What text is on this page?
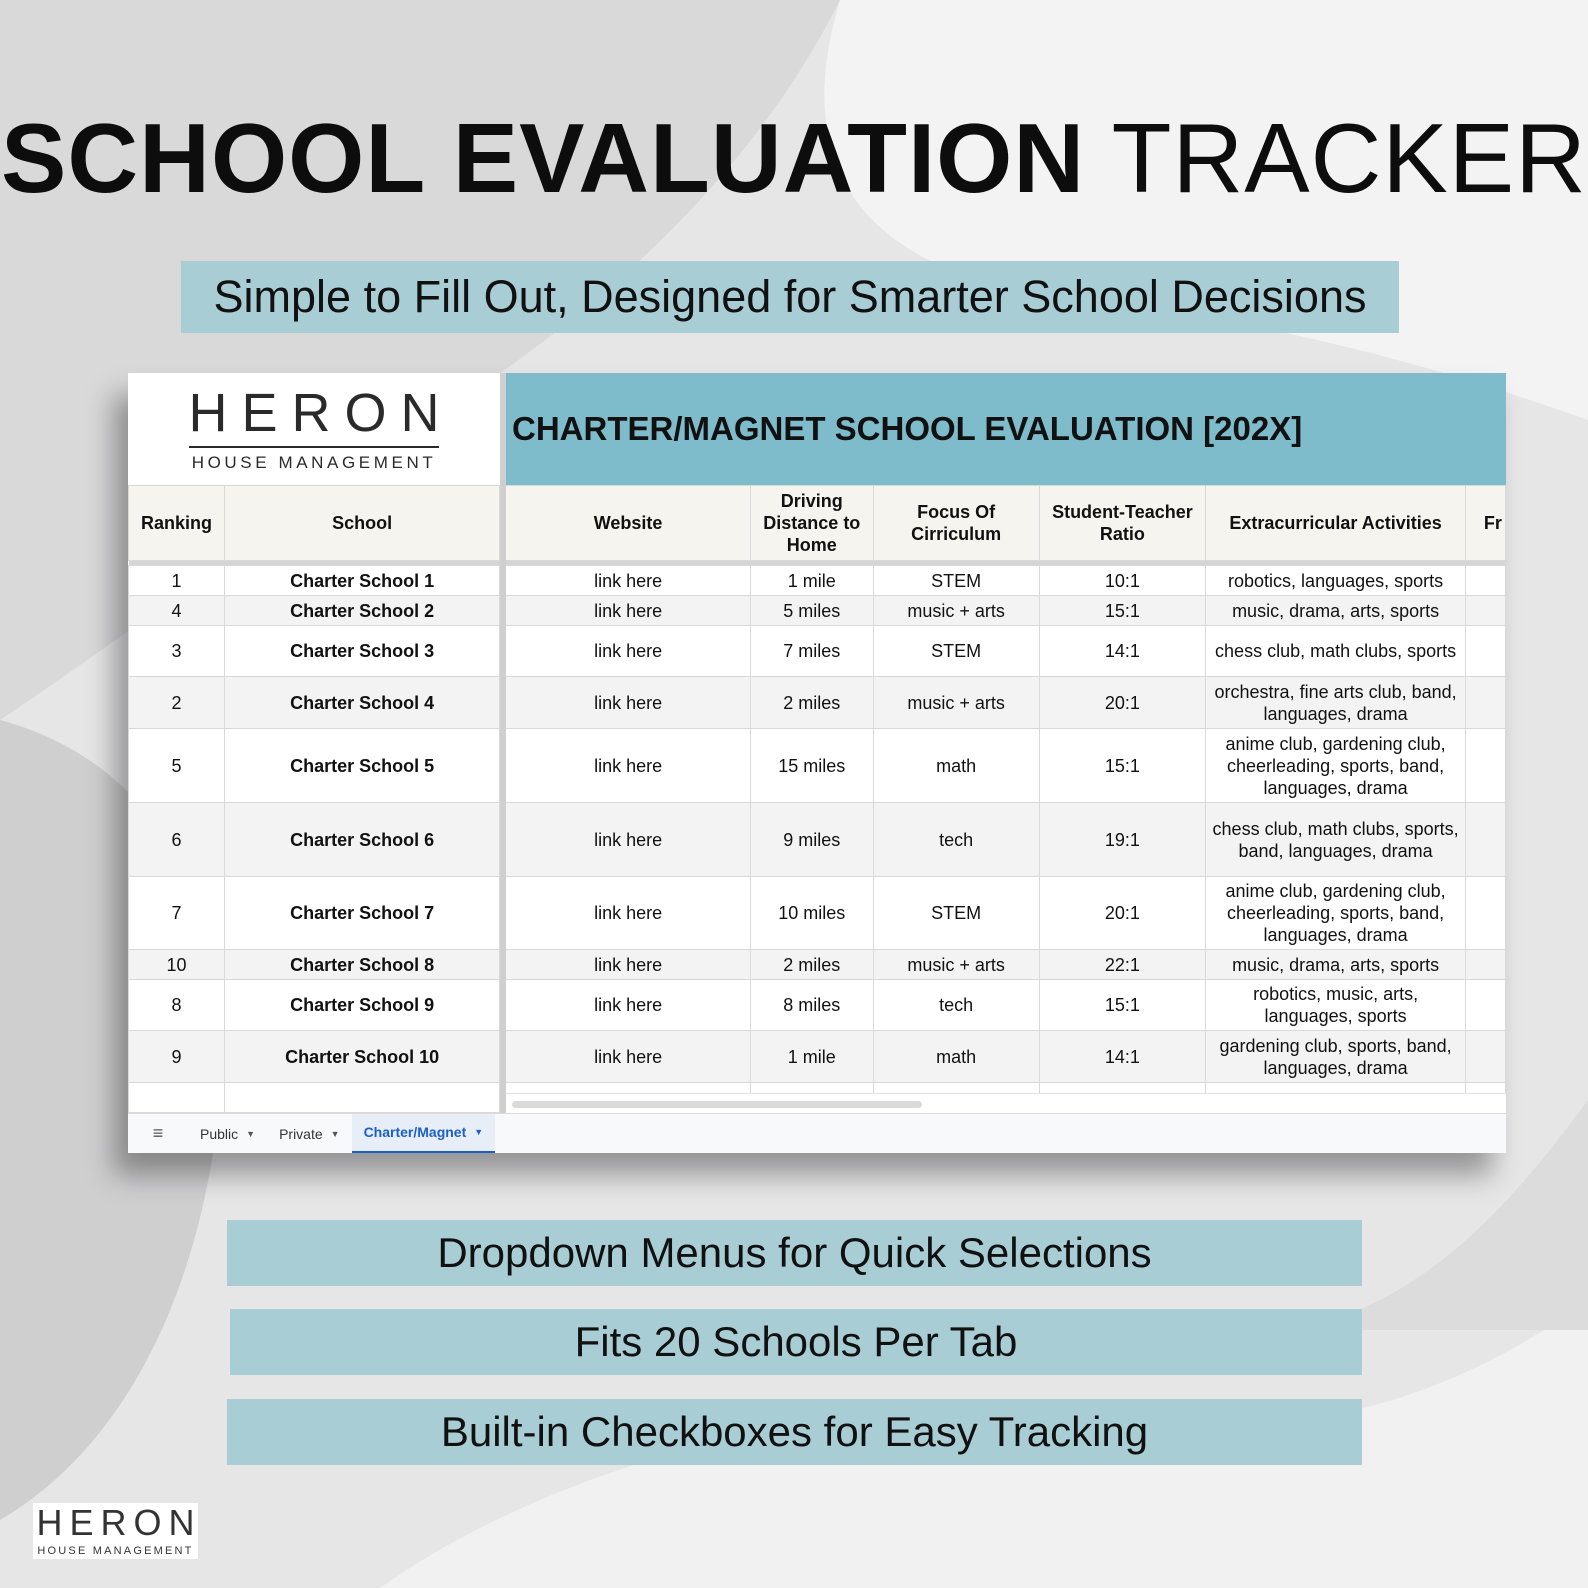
SCHOOL EVALUATION TRACKER
Simple to Fill Out, Designed for Smarter School Decisions
HERON
HOUSE MANAGEMENT
CHARTER/MAGNET SCHOOL EVALUATION [202X]
Ranking	School		Website	Driving Distance to Home	Focus Of Cirriculum	Student-Teacher Ratio	Extracurricular Activities	Fr

1	Charter School 1		link here	1 mile	STEM	10:1	robotics, languages, sports	
4	Charter School 2		link here	5 miles	music + arts	15:1	music, drama, arts, sports	
3	Charter School 3		link here	7 miles	STEM	14:1	chess club, math clubs, sports	
2	Charter School 4		link here	2 miles	music + arts	20:1	orchestra, fine arts club, band, languages, drama	
5	Charter School 5		link here	15 miles	math	15:1	anime club, gardening club, cheerleading, sports, band, languages, drama	
6	Charter School 6		link here	9 miles	tech	19:1	chess club, math clubs, sports, band, languages, drama	
7	Charter School 7		link here	10 miles	STEM	20:1	anime club, gardening club, cheerleading, sports, band, languages, drama	
10	Charter School 8		link here	2 miles	music + arts	22:1	music, drama, arts, sports	
8	Charter School 9		link here	8 miles	tech	15:1	robotics, music, arts, languages, sports	
9	Charter School 10		link here	1 mile	math	14:1	gardening club, sports, band, languages, drama	

≡	Public ▼ Private ▼ Charter/Magnet ▼
Dropdown Menus for Quick Selections
Fits 20 Schools Per Tab
Built-in Checkboxes for Easy Tracking
HERON
HOUSE MANAGEMENT
